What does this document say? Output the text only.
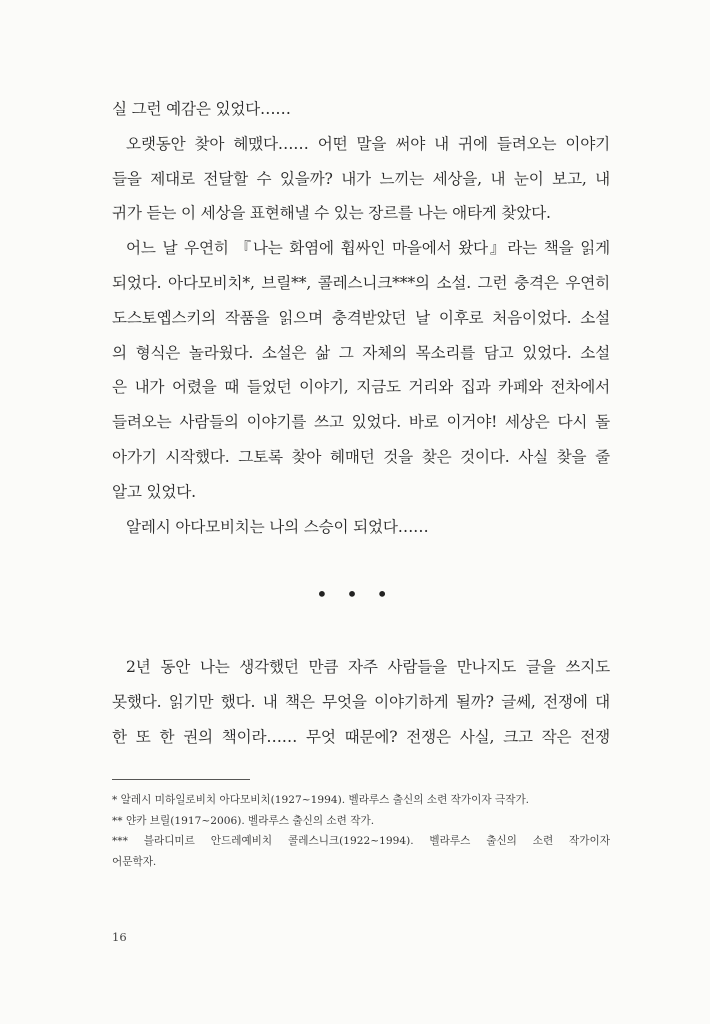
실 그런 예감은 있었다……
오랫동안 찾아 헤맸다…… 어떤 말을 써야 내 귀에 들려오는 이야기
들을 제대로 전달할 수 있을까? 내가 느끼는 세상을, 내 눈이 보고, 내
귀가 듣는 이 세상을 표현해낼 수 있는 장르를 나는 애타게 찾았다.
어느 날 우연히 『나는 화염에 휩싸인 마을에서 왔다』라는 책을 읽게
되었다. 아다모비치*, 브릴**, 콜레스니크***의 소설. 그런 충격은 우연히
도스토옙스키의 작품을 읽으며 충격받았던 날 이후로 처음이었다. 소설
의 형식은 놀라웠다. 소설은 삶 그 자체의 목소리를 담고 있었다. 소설
은 내가 어렸을 때 들었던 이야기, 지금도 거리와 집과 카페와 전차에서
들려오는 사람들의 이야기를 쓰고 있었다. 바로 이거야! 세상은 다시 돌
아가기 시작했다. 그토록 찾아 헤매던 것을 찾은 것이다. 사실 찾을 줄
알고 있었다.
알레시 아다모비치는 나의 스승이 되었다……
• • •
2년 동안 나는 생각했던 만큼 자주 사람들을 만나지도 글을 쓰지도
못했다. 읽기만 했다. 내 책은 무엇을 이야기하게 될까? 글쎄, 전쟁에 대
한 또 한 권의 책이라…… 무엇 때문에? 전쟁은 사실, 크고 작은 전쟁
* 알레시 미하일로비치 아다모비치(1927~1994). 벨라루스 출신의 소련 작가이자 극작가.
** 얀카 브릴(1917~2006). 벨라루스 출신의 소련 작가.
*** 블라디미르 안드레예비치 콜레스니크(1922~1994). 벨라루스 출신의 소련 작가이자
어문학자.
16
